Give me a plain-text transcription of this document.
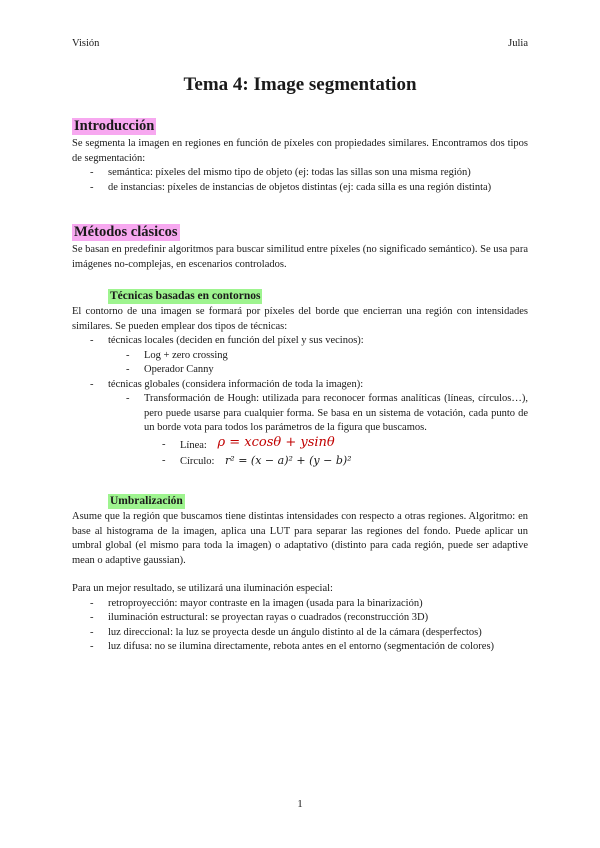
Visión	Julia
Tema 4: Image segmentation
Introducción

Se segmenta la imagen en regiones en función de píxeles con propiedades similares. Encontramos dos tipos de segmentación:

- semántica: píxeles del mismo tipo de objeto (ej: todas las sillas son una misma región)
- de instancias: píxeles de instancias de objetos distintas (ej: cada silla es una región distinta)
Métodos clásicos

Se basan en predefinir algoritmos para buscar similitud entre píxeles (no significado semántico). Se usa para imágenes no-complejas, en escenarios controlados.

Técnicas basadas en contornos

El contorno de una imagen se formará por píxeles del borde que encierran una región con intensidades similares. Se pueden emplear dos tipos de técnicas:

- técnicas locales (deciden en función del píxel y sus vecinos):
- Log + zero crossing
- Operador Canny
- técnicas globales (considera información de toda la imagen):
- Transformación de Hough: utilizada para reconocer formas analíticas (líneas, círculos…), pero puede usarse para cualquier forma. Se basa en un sistema de votación, cada punto de un borde vota para todos los parámetros de la figura que buscamos.
- Línea: ρ = xcosθ + ysinθ
- Círculo: r² = (x − a)² + (y − b)²
Umbralización

Asume que la región que buscamos tiene distintas intensidades con respecto a otras regiones. Algoritmo: en base al histograma de la imagen, aplica una LUT para separar las regiones del fondo. Puede aplicar un umbral global (el mismo para toda la imagen) o adaptativo (distinto para cada región, puede ser adaptive mean o adaptive gaussian).

Para un mejor resultado, se utilizará una iluminación especial:

- retroproyección: mayor contraste en la imagen (usada para la binarización)
- iluminación estructural: se proyectan rayas o cuadrados (reconstrucción 3D)
- luz direccional: la luz se proyecta desde un ángulo distinto al de la cámara (desperfectos)
- luz difusa: no se ilumina directamente, rebota antes en el entorno (segmentación de colores)
1
